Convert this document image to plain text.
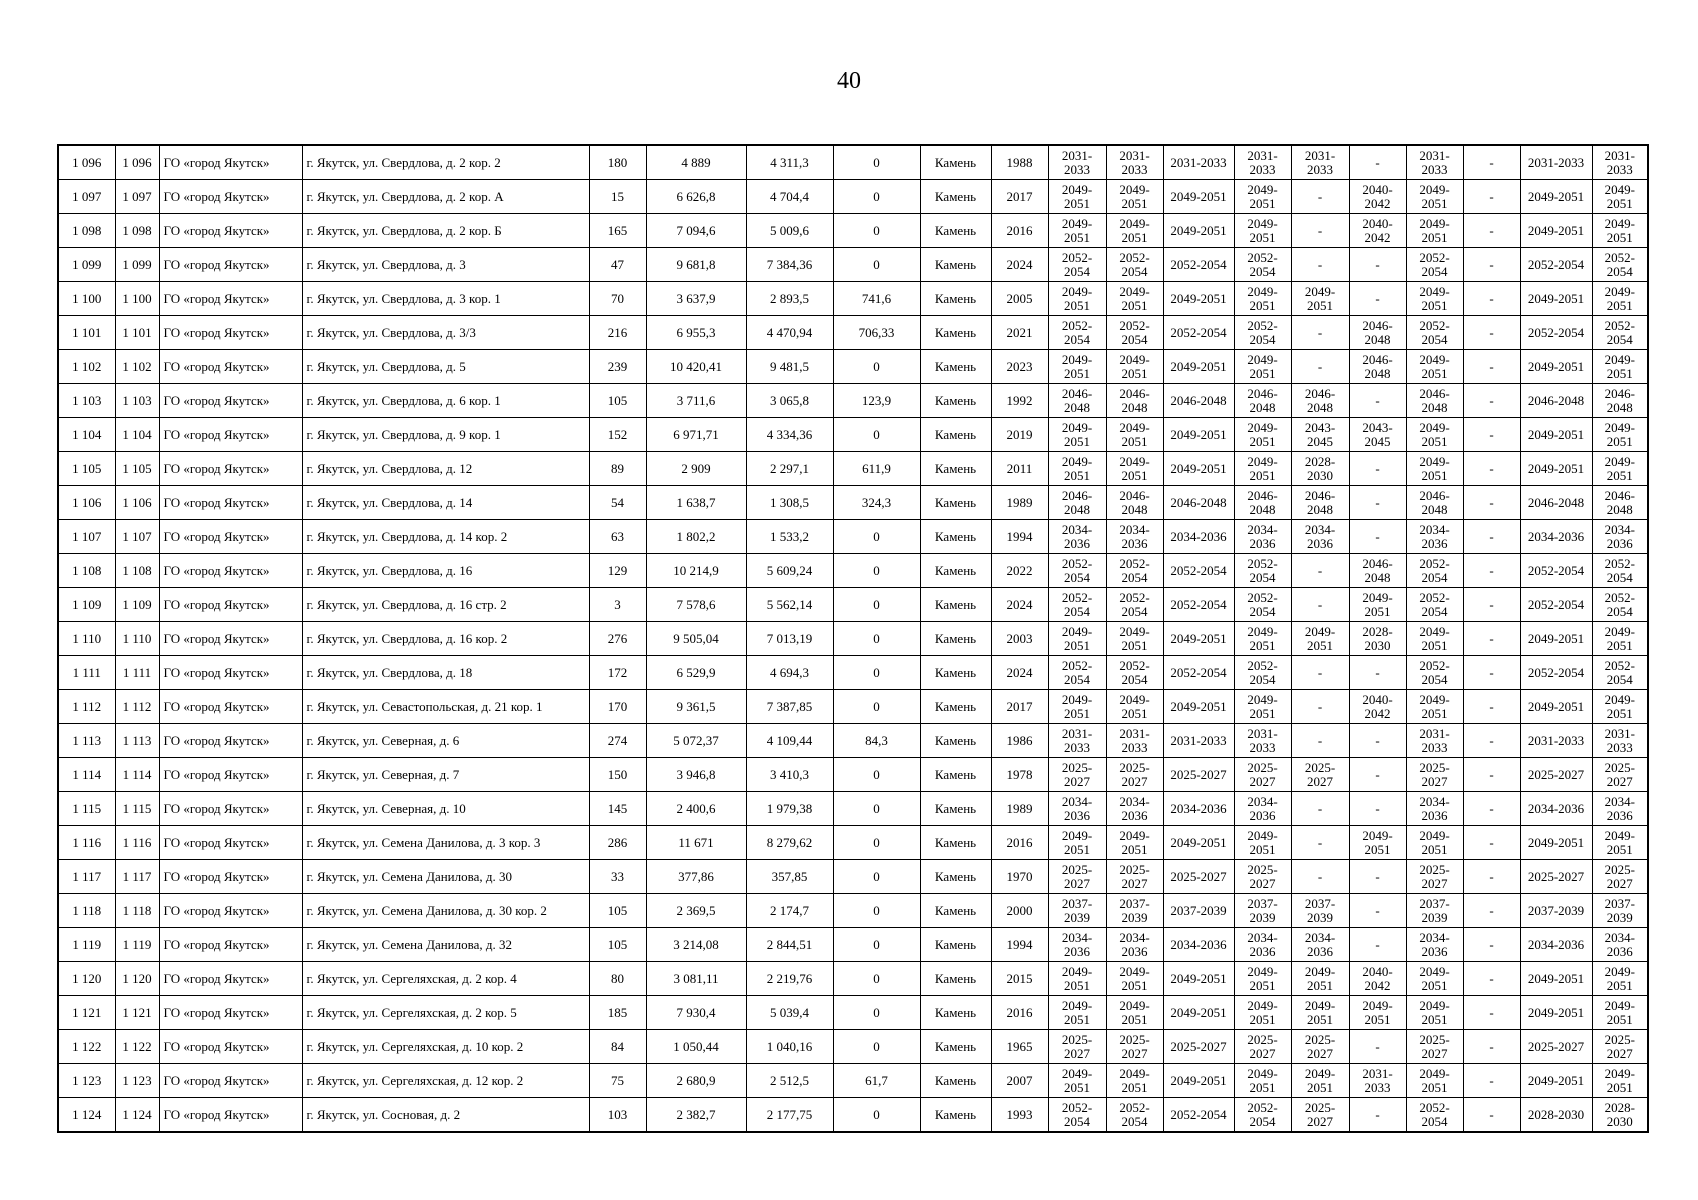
40
1 096	1 096	ГО «город Якутск»	г. Якутск, ул. Свердлова, д. 2 кор. 2	180	4 889	4 311,3	0	Камень	1988	2031-2033	2031-2033	2031-2033	2031-2033	2031-2033	-	2031-2033	-	2031-2033	2031-2033
1 097	1 097	ГО «город Якутск»	г. Якутск, ул. Свердлова, д. 2 кор. А	15	6 626,8	4 704,4	0	Камень	2017	2049-2051	2049-2051	2049-2051	2049-2051	-	2040-2042	2049-2051	-	2049-2051	2049-2051
1 098	1 098	ГО «город Якутск»	г. Якутск, ул. Свердлова, д. 2 кор. Б	165	7 094,6	5 009,6	0	Камень	2016	2049-2051	2049-2051	2049-2051	2049-2051	-	2040-2042	2049-2051	-	2049-2051	2049-2051
1 099	1 099	ГО «город Якутск»	г. Якутск, ул. Свердлова, д. 3	47	9 681,8	7 384,36	0	Камень	2024	2052-2054	2052-2054	2052-2054	2052-2054	-	-	2052-2054	-	2052-2054	2052-2054
1 100	1 100	ГО «город Якутск»	г. Якутск, ул. Свердлова, д. 3 кор. 1	70	3 637,9	2 893,5	741,6	Камень	2005	2049-2051	2049-2051	2049-2051	2049-2051	2049-2051	-	2049-2051	-	2049-2051	2049-2051
1 101	1 101	ГО «город Якутск»	г. Якутск, ул. Свердлова, д. 3/3	216	6 955,3	4 470,94	706,33	Камень	2021	2052-2054	2052-2054	2052-2054	2052-2054	-	2046-2048	2052-2054	-	2052-2054	2052-2054
1 102	1 102	ГО «город Якутск»	г. Якутск, ул. Свердлова, д. 5	239	10 420,41	9 481,5	0	Камень	2023	2049-2051	2049-2051	2049-2051	2049-2051	-	2046-2048	2049-2051	-	2049-2051	2049-2051
1 103	1 103	ГО «город Якутск»	г. Якутск, ул. Свердлова, д. 6 кор. 1	105	3 711,6	3 065,8	123,9	Камень	1992	2046-2048	2046-2048	2046-2048	2046-2048	2046-2048	-	2046-2048	-	2046-2048	2046-2048
1 104	1 104	ГО «город Якутск»	г. Якутск, ул. Свердлова, д. 9 кор. 1	152	6 971,71	4 334,36	0	Камень	2019	2049-2051	2049-2051	2049-2051	2049-2051	2043-2045	2043-2045	2049-2051	-	2049-2051	2049-2051
1 105	1 105	ГО «город Якутск»	г. Якутск, ул. Свердлова, д. 12	89	2 909	2 297,1	611,9	Камень	2011	2049-2051	2049-2051	2049-2051	2049-2051	2028-2030	-	2049-2051	-	2049-2051	2049-2051
1 106	1 106	ГО «город Якутск»	г. Якутск, ул. Свердлова, д. 14	54	1 638,7	1 308,5	324,3	Камень	1989	2046-2048	2046-2048	2046-2048	2046-2048	2046-2048	-	2046-2048	-	2046-2048	2046-2048
1 107	1 107	ГО «город Якутск»	г. Якутск, ул. Свердлова, д. 14 кор. 2	63	1 802,2	1 533,2	0	Камень	1994	2034-2036	2034-2036	2034-2036	2034-2036	2034-2036	-	2034-2036	-	2034-2036	2034-2036
1 108	1 108	ГО «город Якутск»	г. Якутск, ул. Свердлова, д. 16	129	10 214,9	5 609,24	0	Камень	2022	2052-2054	2052-2054	2052-2054	2052-2054	-	2046-2048	2052-2054	-	2052-2054	2052-2054
1 109	1 109	ГО «город Якутск»	г. Якутск, ул. Свердлова, д. 16 стр. 2	3	7 578,6	5 562,14	0	Камень	2024	2052-2054	2052-2054	2052-2054	2052-2054	-	2049-2051	2052-2054	-	2052-2054	2052-2054
1 110	1 110	ГО «город Якутск»	г. Якутск, ул. Свердлова, д. 16 кор. 2	276	9 505,04	7 013,19	0	Камень	2003	2049-2051	2049-2051	2049-2051	2049-2051	2049-2051	2028-2030	2049-2051	-	2049-2051	2049-2051
1 111	1 111	ГО «город Якутск»	г. Якутск, ул. Свердлова, д. 18	172	6 529,9	4 694,3	0	Камень	2024	2052-2054	2052-2054	2052-2054	2052-2054	-	-	2052-2054	-	2052-2054	2052-2054
1 112	1 112	ГО «город Якутск»	г. Якутск, ул. Севастопольская, д. 21 кор. 1	170	9 361,5	7 387,85	0	Камень	2017	2049-2051	2049-2051	2049-2051	2049-2051	-	2040-2042	2049-2051	-	2049-2051	2049-2051
1 113	1 113	ГО «город Якутск»	г. Якутск, ул. Северная, д. 6	274	5 072,37	4 109,44	84,3	Камень	1986	2031-2033	2031-2033	2031-2033	2031-2033	-	-	2031-2033	-	2031-2033	2031-2033
1 114	1 114	ГО «город Якутск»	г. Якутск, ул. Северная, д. 7	150	3 946,8	3 410,3	0	Камень	1978	2025-2027	2025-2027	2025-2027	2025-2027	2025-2027	-	2025-2027	-	2025-2027	2025-2027
1 115	1 115	ГО «город Якутск»	г. Якутск, ул. Северная, д. 10	145	2 400,6	1 979,38	0	Камень	1989	2034-2036	2034-2036	2034-2036	2034-2036	-	-	2034-2036	-	2034-2036	2034-2036
1 116	1 116	ГО «город Якутск»	г. Якутск, ул. Семена Данилова, д. 3 кор. 3	286	11 671	8 279,62	0	Камень	2016	2049-2051	2049-2051	2049-2051	2049-2051	-	2049-2051	2049-2051	-	2049-2051	2049-2051
1 117	1 117	ГО «город Якутск»	г. Якутск, ул. Семена Данилова, д. 30	33	377,86	357,85	0	Камень	1970	2025-2027	2025-2027	2025-2027	2025-2027	-	-	2025-2027	-	2025-2027	2025-2027
1 118	1 118	ГО «город Якутск»	г. Якутск, ул. Семена Данилова, д. 30 кор. 2	105	2 369,5	2 174,7	0	Камень	2000	2037-2039	2037-2039	2037-2039	2037-2039	2037-2039	-	2037-2039	-	2037-2039	2037-2039
1 119	1 119	ГО «город Якутск»	г. Якутск, ул. Семена Данилова, д. 32	105	3 214,08	2 844,51	0	Камень	1994	2034-2036	2034-2036	2034-2036	2034-2036	2034-2036	-	2034-2036	-	2034-2036	2034-2036
1 120	1 120	ГО «город Якутск»	г. Якутск, ул. Сергеляхская, д. 2 кор. 4	80	3 081,11	2 219,76	0	Камень	2015	2049-2051	2049-2051	2049-2051	2049-2051	2049-2051	2040-2042	2049-2051	-	2049-2051	2049-2051
1 121	1 121	ГО «город Якутск»	г. Якутск, ул. Сергеляхская, д. 2 кор. 5	185	7 930,4	5 039,4	0	Камень	2016	2049-2051	2049-2051	2049-2051	2049-2051	2049-2051	2049-2051	2049-2051	-	2049-2051	2049-2051
1 122	1 122	ГО «город Якутск»	г. Якутск, ул. Сергеляхская, д. 10 кор. 2	84	1 050,44	1 040,16	0	Камень	1965	2025-2027	2025-2027	2025-2027	2025-2027	2025-2027	-	2025-2027	-	2025-2027	2025-2027
1 123	1 123	ГО «город Якутск»	г. Якутск, ул. Сергеляхская, д. 12 кор. 2	75	2 680,9	2 512,5	61,7	Камень	2007	2049-2051	2049-2051	2049-2051	2049-2051	2049-2051	2031-2033	2049-2051	-	2049-2051	2049-2051
1 124	1 124	ГО «город Якутск»	г. Якутск, ул. Сосновая, д. 2	103	2 382,7	2 177,75	0	Камень	1993	2052-2054	2052-2054	2052-2054	2052-2054	2025-2027	-	2052-2054	-	2028-2030	2028-2030
